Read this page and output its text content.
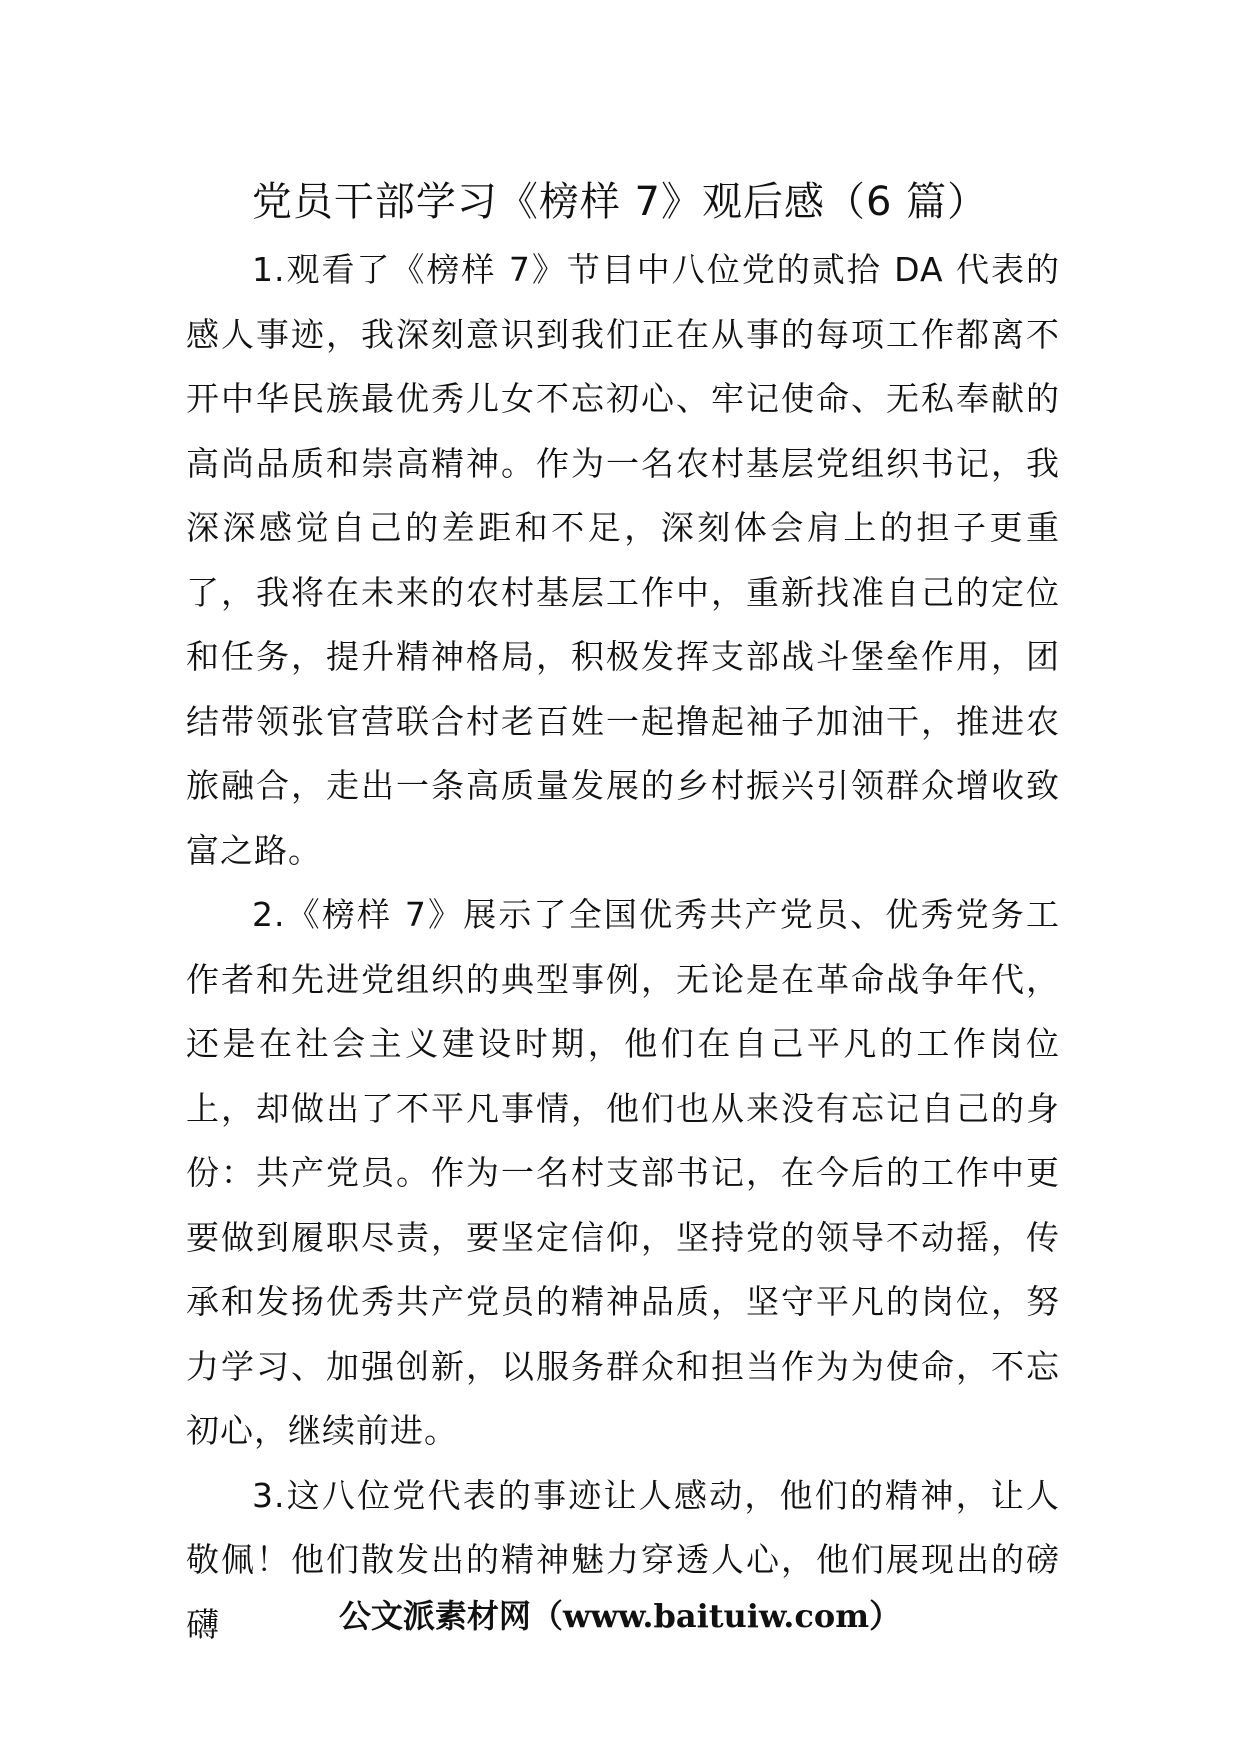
党员干部学习《榜样 7》观后感（6 篇）

1.观看了《榜样 7》节目中八位党的贰拾 DA 代表的感人事迹，我深刻意识到我们正在从事的每项工作都离不开中华民族最优秀儿女不忘初心、牢记使命、无私奉献的高尚品质和崇高精神。作为一名农村基层党组织书记，我深深感觉自己的差距和不足，深刻体会肩上的担子更重了，我将在未来的农村基层工作中，重新找准自己的定位和任务，提升精神格局，积极发挥支部战斗堡垒作用，团结带领张官营联合村老百姓一起撸起袖子加油干，推进农旅融合，走出一条高质量发展的乡村振兴引领群众增收致富之路。

2.《榜样 7》展示了全国优秀共产党员、优秀党务工作者和先进党组织的典型事例，无论是在革命战争年代，还是在社会主义建设时期，他们在自己平凡的工作岗位上，却做出了不平凡事情，他们也从来没有忘记自己的身份：共产党员。作为一名村支部书记，在今后的工作中更要做到履职尽责，要坚定信仰，坚持党的领导不动摇，传承和发扬优秀共产党员的精神品质，坚守平凡的岗位，努力学习、加强创新，以服务群众和担当作为为使命，不忘初心，继续前进。

3.这八位党代表的事迹让人感动，他们的精神，让人敬佩！他们散发出的精神魅力穿透人心，他们展现出的磅礴	公文派素材网（www.baituiw.com）
